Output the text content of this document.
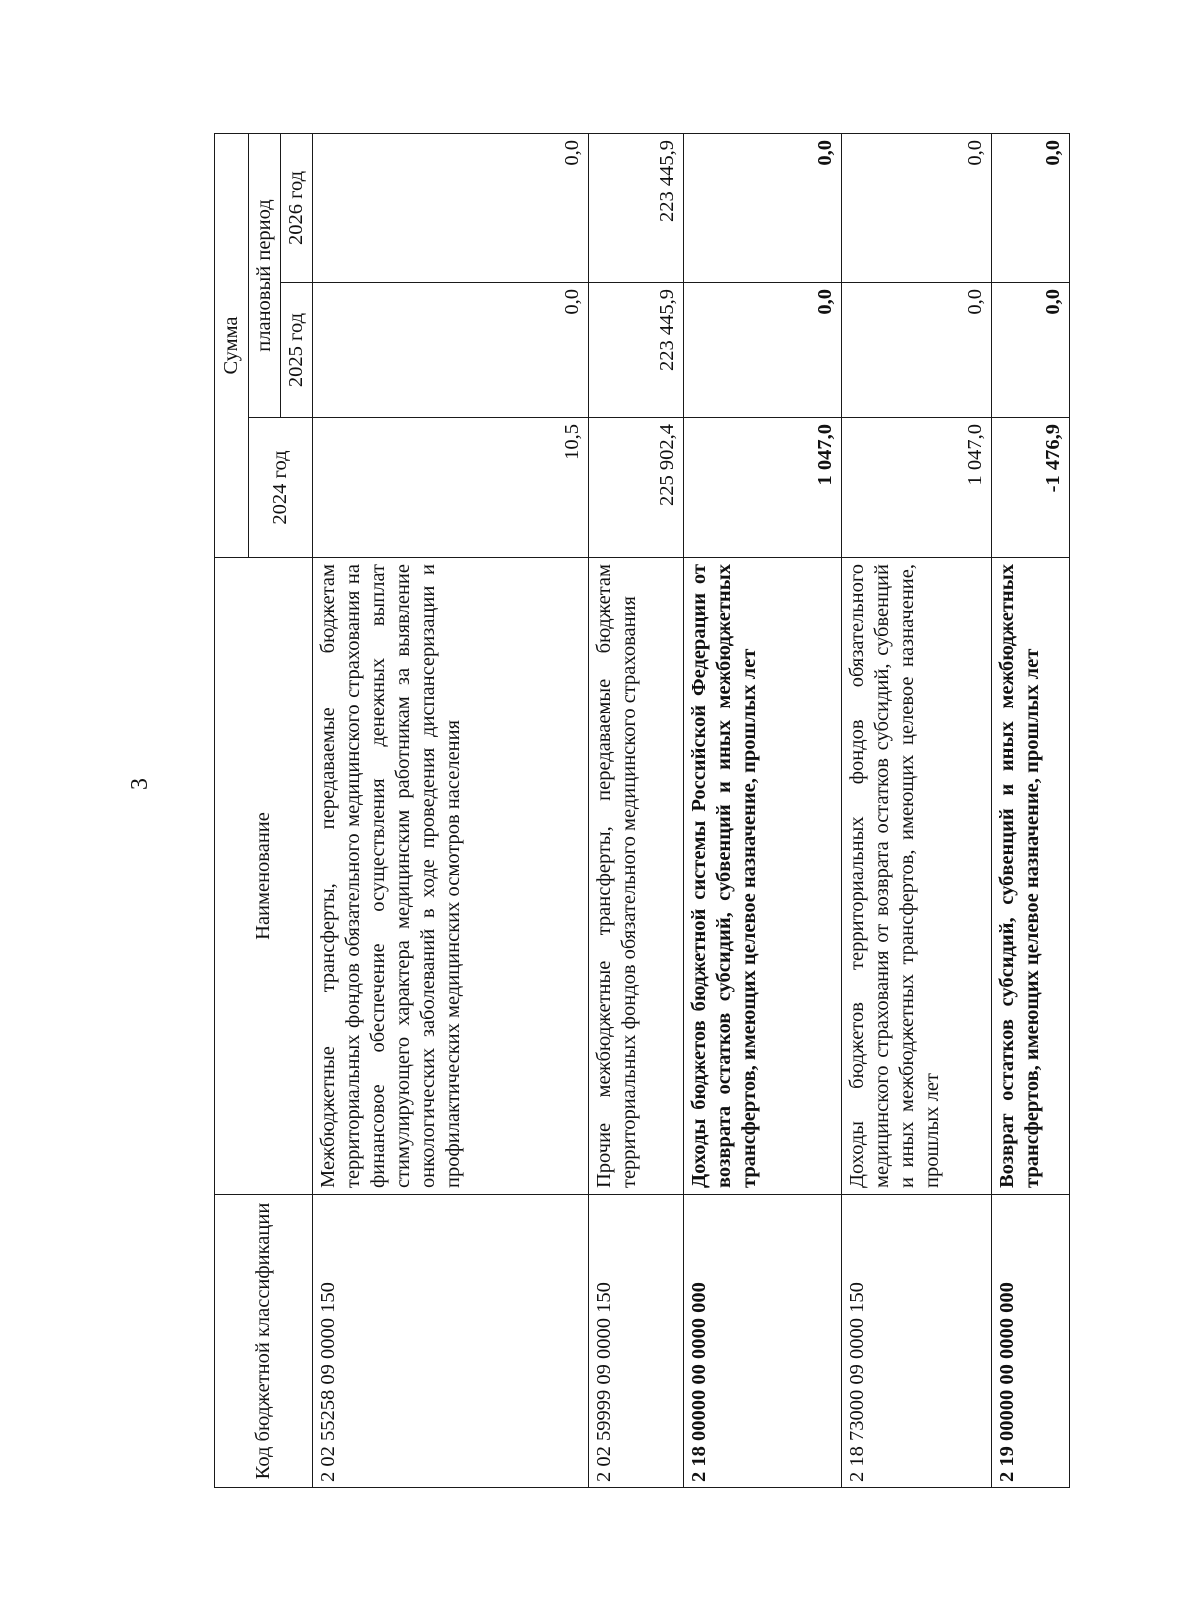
3
Код бюджетной классификации	Наименование	Сумма		
		2024 год	плановый период	
			2025 год	2026 год
2 02 55258 09 0000 150	Межбюджетные трансферты, передаваемые бюджетам территориальных фондов обязательного медицинского страхования на финансовое обеспечение осуществления денежных выплат стимулирующего характера медицинским работникам за выявление онкологических заболеваний в ходе проведения диспансеризации и профилактических медицинских осмотров населения	10,5	0,0	0,0
2 02 59999 09 0000 150	Прочие межбюджетные трансферты, передаваемые бюджетам территориальных фондов обязательного медицинского страхования	225 902,4	223 445,9	223 445,9
2 18 00000 00 0000 000	Доходы бюджетов бюджетной системы Российской Федерации от возврата остатков субсидий, субвенций и иных межбюджетных трансфертов, имеющих целевое назначение, прошлых лет	1 047,0	0,0	0,0
2 18 73000 09 0000 150	Доходы бюджетов территориальных фондов обязательного медицинского страхования от возврата остатков субсидий, субвенций и иных межбюджетных трансфертов, имеющих целевое назначение, прошлых лет	1 047,0	0,0	0,0
2 19 00000 00 0000 000	Возврат остатков субсидий, субвенций и иных межбюджетных трансфертов, имеющих целевое назначение, прошлых лет	-1 476,9	0,0	0,0
